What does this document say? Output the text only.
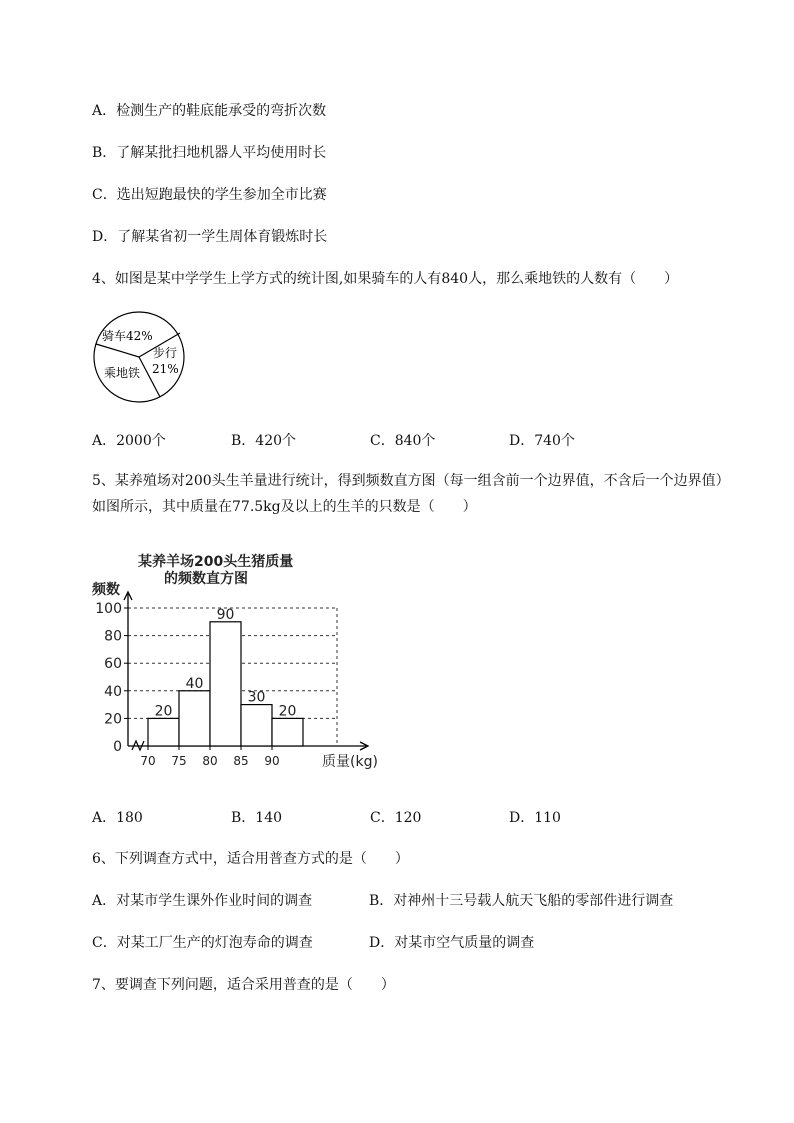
A．检测生产的鞋底能承受的弯折次数
B．了解某批扫地机器人平均使用时长
C．选出短跑最快的学生参加全市比赛
D．了解某省初一学生周体育锻炼时长
4、如图是某中学学生上学方式的统计图,如果骑车的人有840人，那么乘地铁的人数有（　　）
骑车42%
步行
21%
乘地铁
A．2000个	B．420个	C．840个	D．740个
5、某养殖场对200头生羊量进行统计，得到频数直方图（每一组含前一个边界值，不含后一个边界值）如图所示，其中质量在77.5kg及以上的生羊的只数是（　　）
某养羊场200头生猪质量
的频数直方图
频数
质量(kg)
0
20
40
60
80
100
20
40
90
30
20
70 75 80 85 90
A．180	B．140	C．120	D．110
6、下列调查方式中，适合用普查方式的是（　　）
A．对某市学生课外作业时间的调查	B．对神州十三号载人航天飞船的零部件进行调查
C．对某工厂生产的灯泡寿命的调查	D．对某市空气质量的调查
7、要调查下列问题，适合采用普查的是（　　）
